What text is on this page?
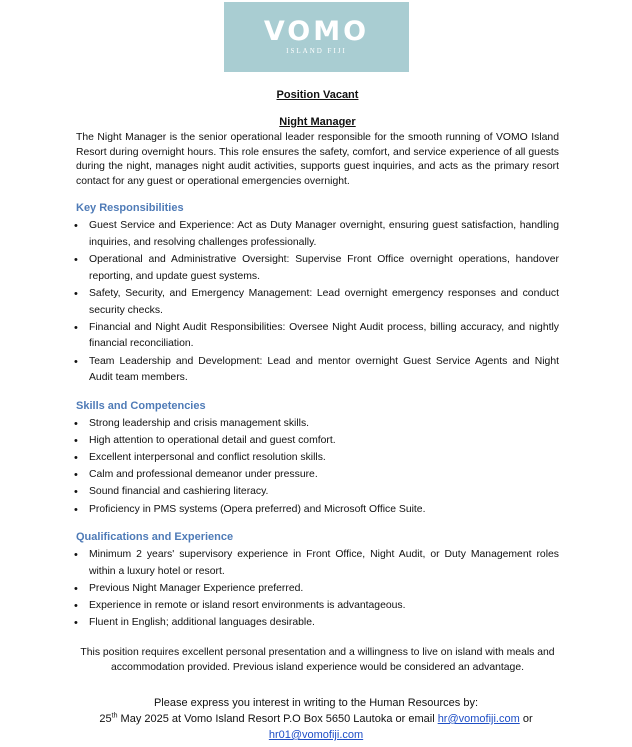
VOMO
ISLAND FIJI
Position Vacant
Night Manager

The Night Manager is the senior operational leader responsible for the smooth running of VOMO Island Resort during overnight hours. This role ensures the safety, comfort, and service experience of all guests during the night, manages night audit activities, supports guest inquiries, and acts as the primary resort contact for any guest or operational emergencies overnight.

Key Responsibilities
• Guest Service and Experience: Act as Duty Manager overnight, ensuring guest satisfaction, handling inquiries, and resolving challenges professionally.
• Operational and Administrative Oversight: Supervise Front Office overnight operations, handover reporting, and update guest systems.
• Safety, Security, and Emergency Management: Lead overnight emergency responses and conduct security checks.
• Financial and Night Audit Responsibilities: Oversee Night Audit process, billing accuracy, and nightly financial reconciliation.
• Team Leadership and Development: Lead and mentor overnight Guest Service Agents and Night Audit team members.
Skills and Competencies
• Strong leadership and crisis management skills.
• High attention to operational detail and guest comfort.
• Excellent interpersonal and conflict resolution skills.
• Calm and professional demeanor under pressure.
• Sound financial and cashiering literacy.
• Proficiency in PMS systems (Opera preferred) and Microsoft Office Suite.
Qualifications and Experience
• Minimum 2 years' supervisory experience in Front Office, Night Audit, or Duty Management roles within a luxury hotel or resort.
• Previous Night Manager Experience preferred.
• Experience in remote or island resort environments is advantageous.
• Fluent in English; additional languages desirable.
This position requires excellent personal presentation and a willingness to live on island with meals and accommodation provided. Previous island experience would be considered an advantage.
Please express you interest in writing to the Human Resources by:
25th May 2025 at Vomo Island Resort P.O Box 5650 Lautoka or email hr@vomofiji.com or
hr01@vomofiji.com
